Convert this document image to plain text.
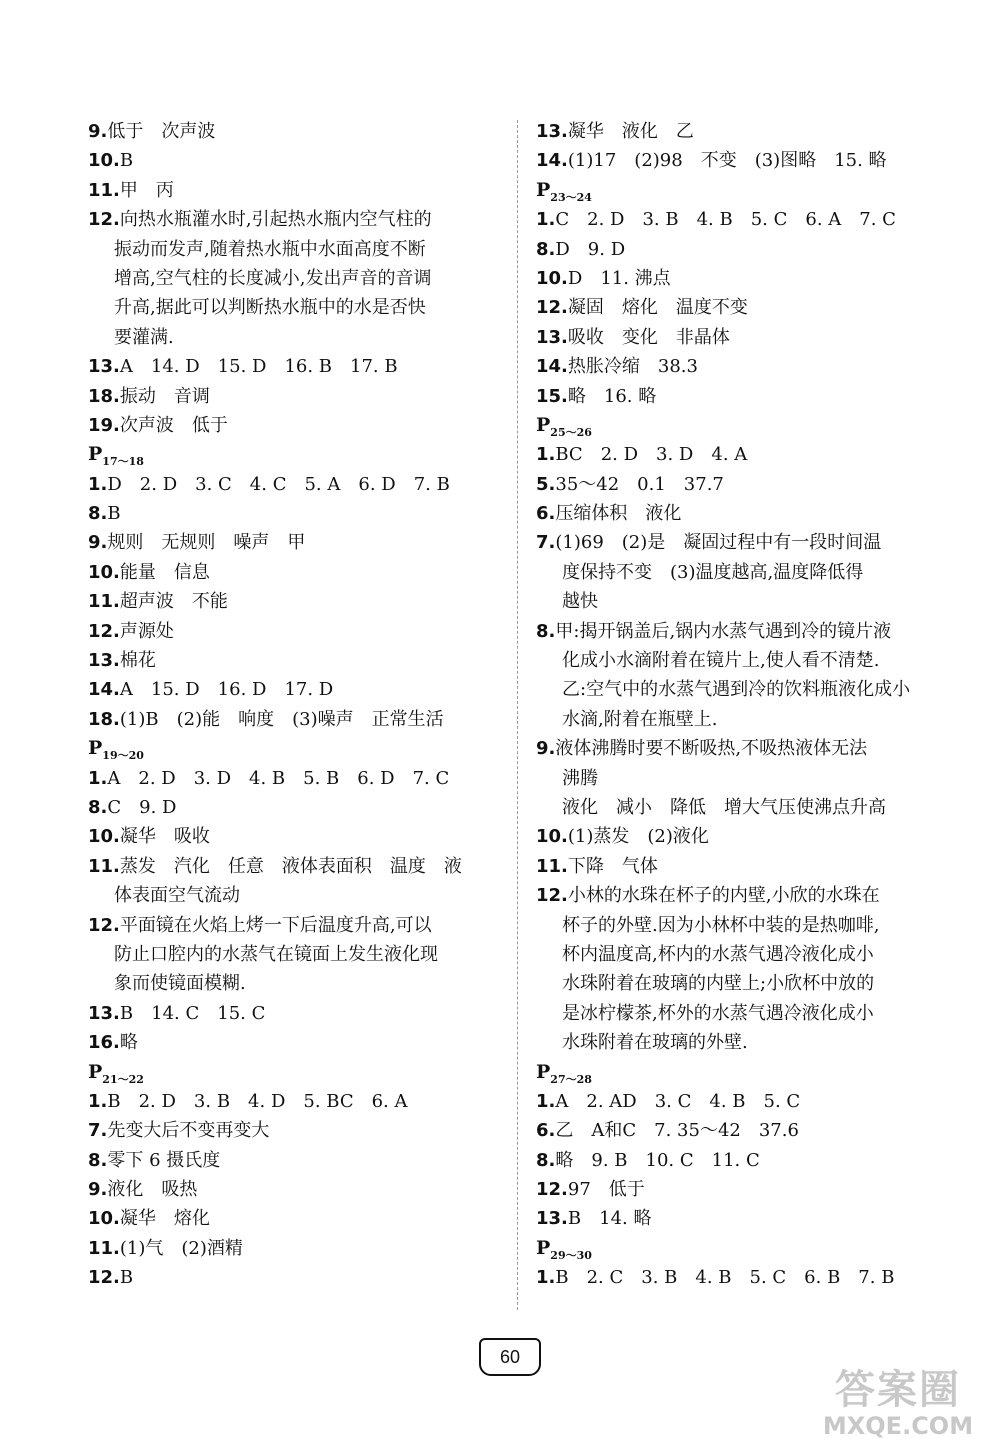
9.低于　次声波
10.B
11.甲　丙
12.向热水瓶灌水时,引起热水瓶内空气柱的
振动而发声,随着热水瓶中水面高度不断
增高,空气柱的长度减小,发出声音的音调
升高,据此可以判断热水瓶中的水是否快
要灌满.
13.A　14. D　15. D　16. B　17. B
18.振动　音调
19.次声波　低于
$P_{17\sim 18}$
1.D　2. D　3. C　4. C　5. A　6. D　7. B
8.B
9.规则　无规则　噪声　甲
10.能量　信息
11.超声波　不能
12.声源处
13.棉花
14.A　15. D　16. D　17. D
18.(1)B　(2)能　响度　(3)噪声　正常生活
$P_{19\sim 20}$
1.A　2. D　3. D　4. B　5. B　6. D　7. C
8.C　9. D
10.凝华　吸收
11.蒸发　汽化　任意　液体表面积　温度　液
体表面空气流动
12.平面镜在火焰上烤一下后温度升高,可以
防止口腔内的水蒸气在镜面上发生液化现
象而使镜面模糊.
13.B　14. C　15. C
16.略
$P_{21\sim 22}$
1.B　2. D　3. B　4. D　5. BC　6. A
7.先变大后不变再变大
8.零下 6 摄氏度
9.液化　吸热
10.凝华　熔化
11.(1)气　(2)酒精
12.B
13.凝华　液化　乙
14.(1)17　(2)98　不变　(3)图略　15. 略
$P_{23\sim 24}$
1.C　2. D　3. B　4. B　5. C　6. A　7. C
8.D　9. D
10.D　11. 沸点
12.凝固　熔化　温度不变
13.吸收　变化　非晶体
14.热胀冷缩　38.3
15.略　16. 略
$P_{25\sim 26}$
1.BC　2. D　3. D　4. A
5.35～42　0.1　37.7
6.压缩体积　液化
7.(1)69　(2)是　凝固过程中有一段时间温
度保持不变　(3)温度越高,温度降低得
越快
8.甲:揭开锅盖后,锅内水蒸气遇到冷的镜片液
化成小水滴附着在镜片上,使人看不清楚.
乙:空气中的水蒸气遇到冷的饮料瓶液化成小
水滴,附着在瓶壁上.
9.液体沸腾时要不断吸热,不吸热液体无法
沸腾
液化　减小　降低　增大气压使沸点升高
10.(1)蒸发　(2)液化
11.下降　气体
12.小林的水珠在杯子的内壁,小欣的水珠在
杯子的外壁.因为小林杯中装的是热咖啡,
杯内温度高,杯内的水蒸气遇冷液化成小
水珠附着在玻璃的内壁上;小欣杯中放的
是冰柠檬茶,杯外的水蒸气遇冷液化成小
水珠附着在玻璃的外壁.
$P_{27\sim 28}$
1.A　2. AD　3. C　4. B　5. C
6.乙　A和C　7. 35～42　37.6
8.略　9. B　10. C　11. C
12.97　低于
13.B　14. 略
$P_{29\sim 30}$
1.B　2. C　3. B　4. B　5. C　6. B　7. B
60
答案圈
MXQE.COM
